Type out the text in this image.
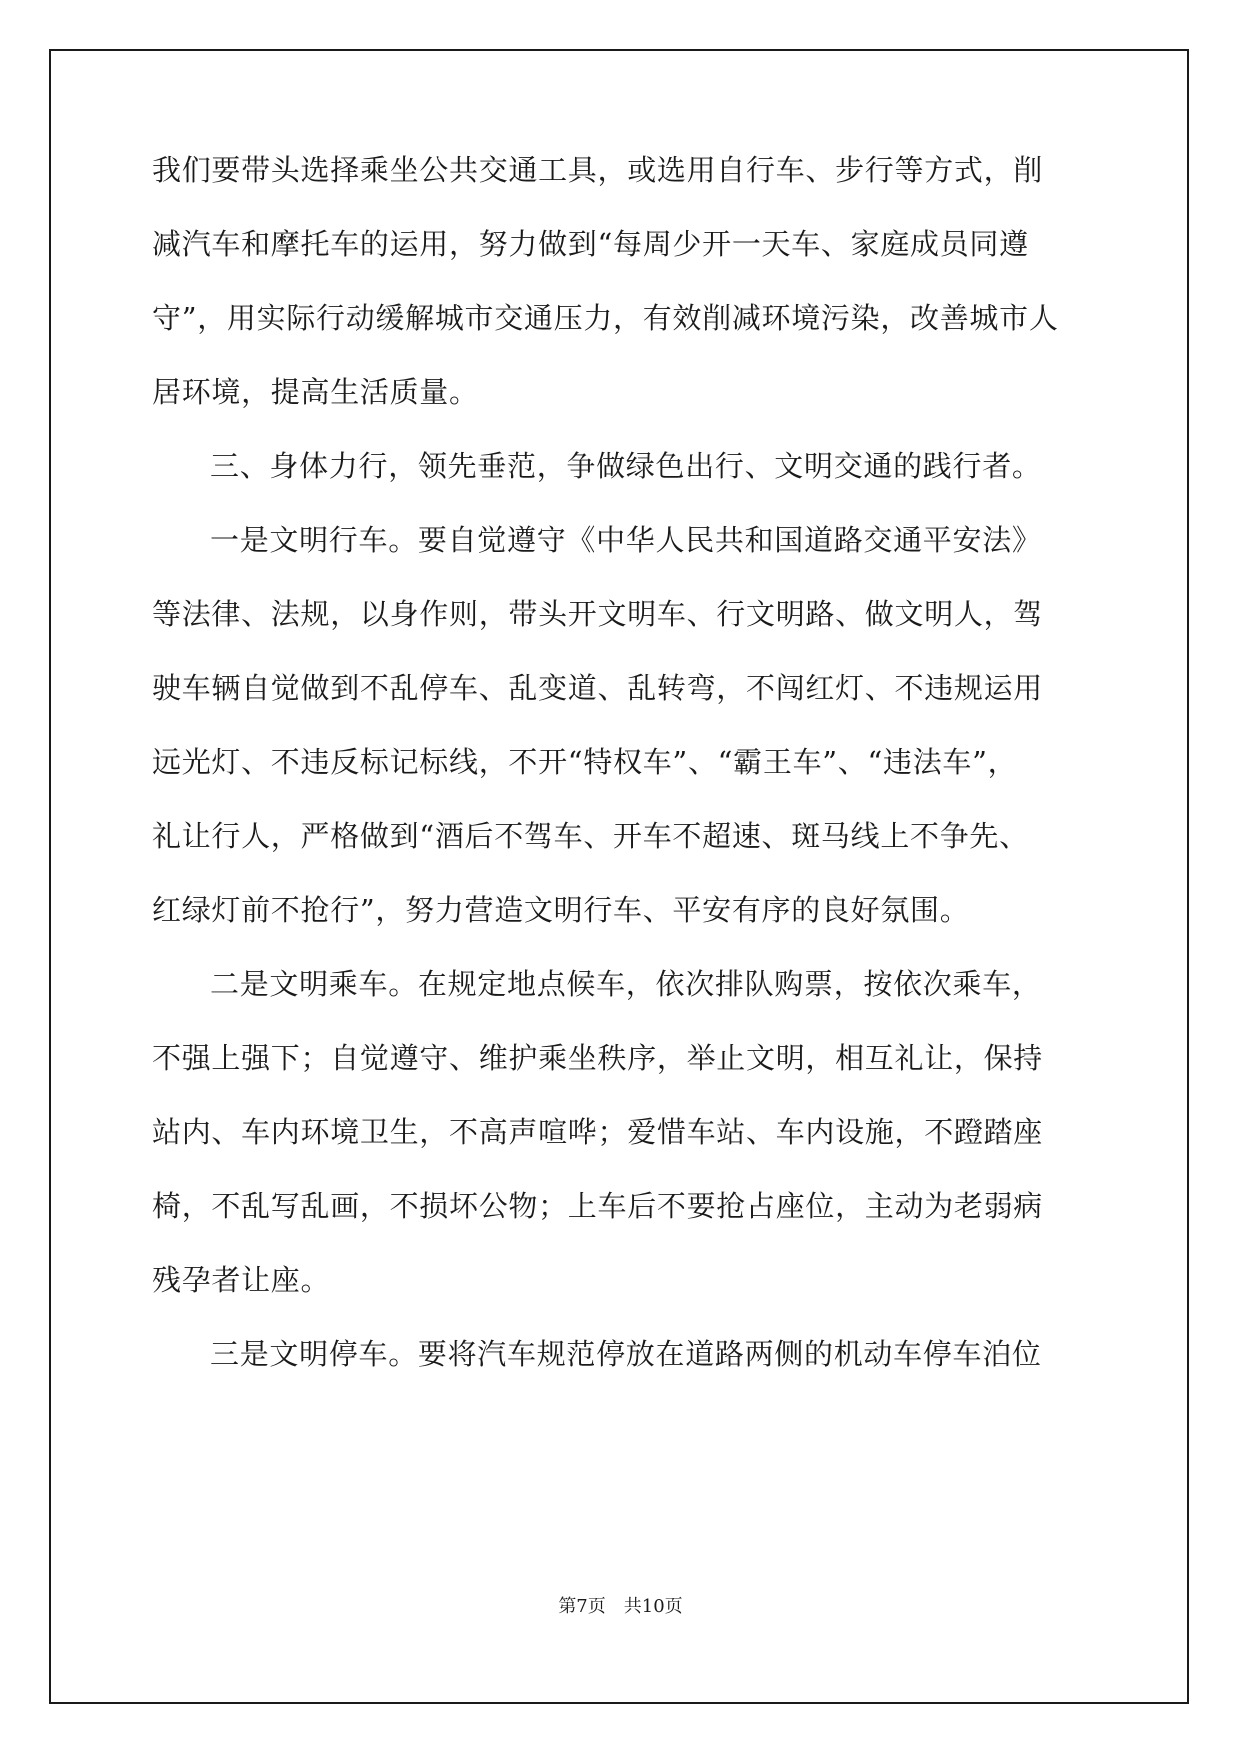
我们要带头选择乘坐公共交通工具，或选用自行车、步行等方式，削
减汽车和摩托车的运用，努力做到“每周少开一天车、家庭成员同遵
守”，用实际行动缓解城市交通压力，有效削减环境污染，改善城市人
居环境，提高生活质量。
三、身体力行，领先垂范，争做绿色出行、文明交通的践行者。
一是文明行车。要自觉遵守《中华人民共和国道路交通平安法》
等法律、法规，以身作则，带头开文明车、行文明路、做文明人，驾
驶车辆自觉做到不乱停车、乱变道、乱转弯，不闯红灯、不违规运用
远光灯、不违反标记标线，不开“特权车”、“霸王车”、“违法车”，
礼让行人，严格做到“酒后不驾车、开车不超速、斑马线上不争先、
红绿灯前不抢行”，努力营造文明行车、平安有序的良好氛围。
二是文明乘车。在规定地点候车，依次排队购票，按依次乘车，
不强上强下；自觉遵守、维护乘坐秩序，举止文明，相互礼让，保持
站内、车内环境卫生，不高声喧哗；爱惜车站、车内设施，不蹬踏座
椅，不乱写乱画，不损坏公物；上车后不要抢占座位，主动为老弱病
残孕者让座。
三是文明停车。要将汽车规范停放在道路两侧的机动车停车泊位
第7页　共10页
